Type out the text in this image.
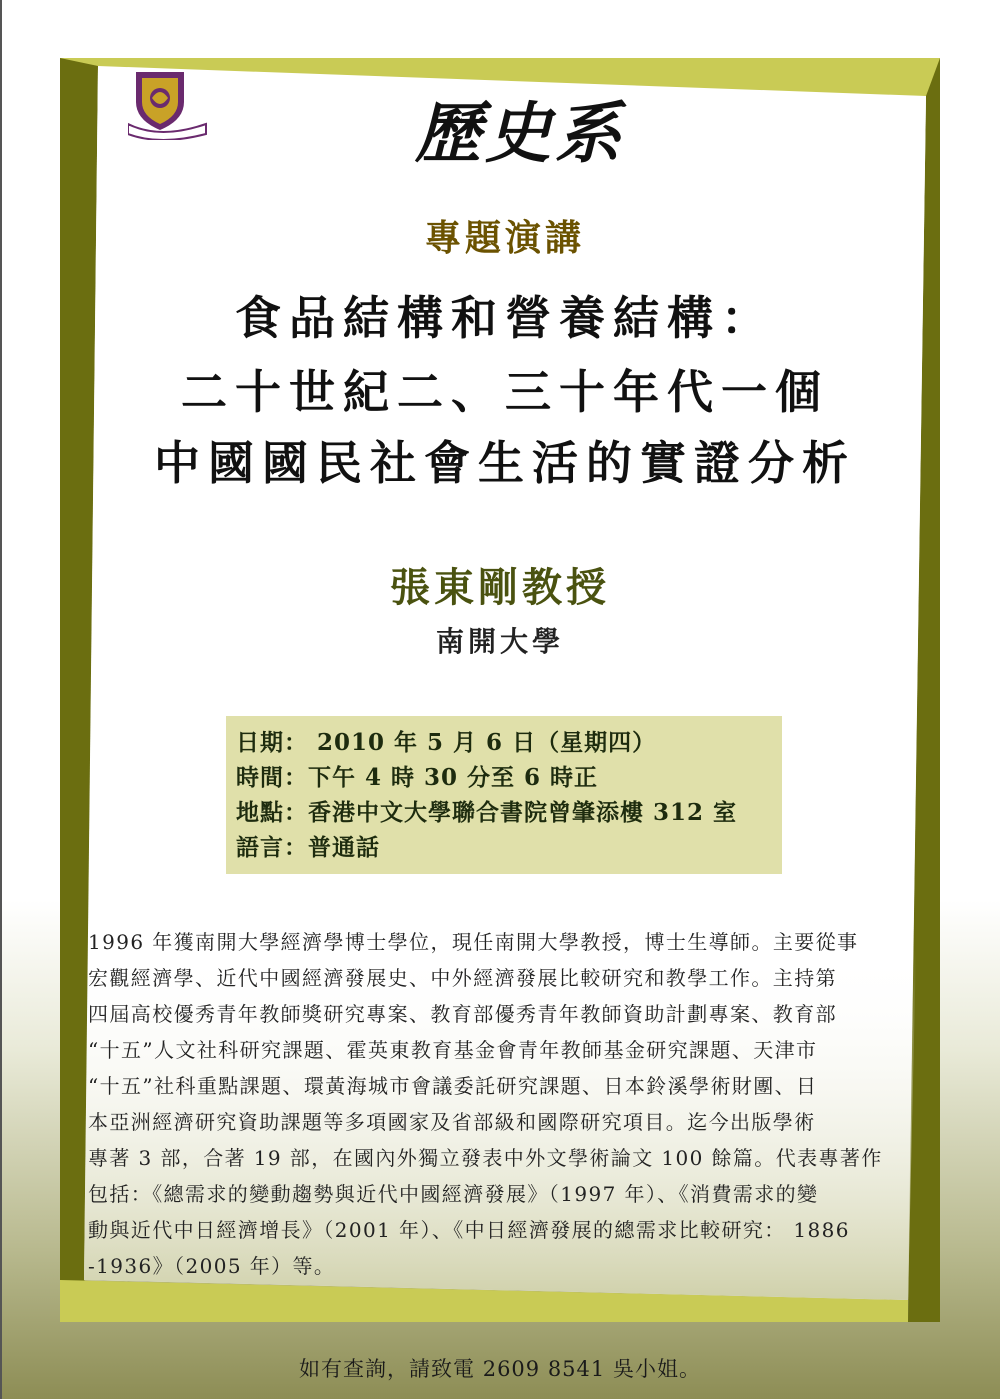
歷史系
專題演講
食品結構和營養結構：
二十世紀二、三十年代一個
中國國民社會生活的實證分析
張東剛教授
南開大學
日期： 2010 年 5 月 6 日（星期四）
時間：下午 4 時 30 分至 6 時正
地點：香港中文大學聯合書院曾肇添樓 312 室
語言：普通話
1996 年獲南開大學經濟學博士學位，現任南開大學教授，博士生導師。主要從事
宏觀經濟學、近代中國經濟發展史、中外經濟發展比較研究和教學工作。主持第
四屆高校優秀青年教師獎研究專案、教育部優秀青年教師資助計劃專案、教育部
“十五”人文社科研究課題、霍英東教育基金會青年教師基金研究課題、天津市
“十五”社科重點課題、環黃海城市會議委託研究課題、日本鈴溪學術財團、日
本亞洲經濟研究資助課題等多項國家及省部級和國際研究項目。迄今出版學術
專著 3 部，合著 19 部，在國內外獨立發表中外文學術論文 100 餘篇。代表專著作
包括：《總需求的變動趨勢與近代中國經濟發展》（1997 年）、《消費需求的變
動與近代中日經濟增長》（2001 年）、《中日經濟發展的總需求比較研究： 1886
-1936》（2005 年）等。
如有查詢，請致電 2609 8541 吳小姐。
